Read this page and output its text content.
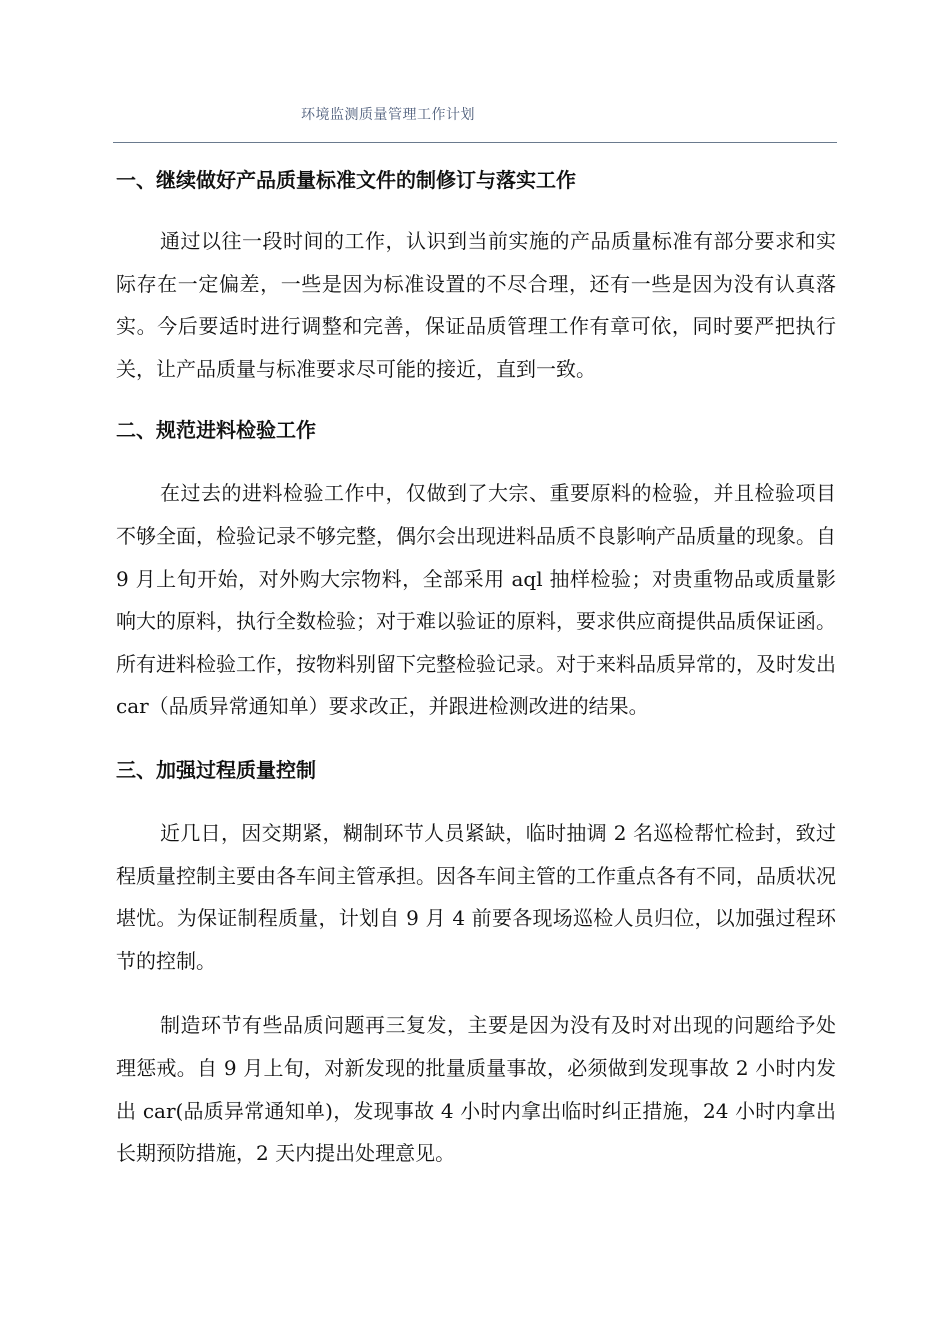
环境监测质量管理工作计划
一、继续做好产品质量标准文件的制修订与落实工作

通过以往一段时间的工作，认识到当前实施的产品质量标准有部分要求和实际存在一定偏差，一些是因为标准设置的不尽合理，还有一些是因为没有认真落实。今后要适时进行调整和完善，保证品质管理工作有章可依，同时要严把执行关，让产品质量与标准要求尽可能的接近，直到一致。

二、规范进料检验工作

在过去的进料检验工作中，仅做到了大宗、重要原料的检验，并且检验项目不够全面，检验记录不够完整，偶尔会出现进料品质不良影响产品质量的现象。自 9 月上旬开始，对外购大宗物料，全部采用 aql 抽样检验；对贵重物品或质量影响大的原料，执行全数检验；对于难以验证的原料，要求供应商提供品质保证函。所有进料检验工作，按物料别留下完整检验记录。对于来料品质异常的，及时发出 car（品质异常通知单）要求改正，并跟进检测改进的结果。

三、加强过程质量控制

近几日，因交期紧，糊制环节人员紧缺，临时抽调 2 名巡检帮忙检封，致过程质量控制主要由各车间主管承担。因各车间主管的工作重点各有不同，品质状况堪忧。为保证制程质量，计划自 9 月 4 前要各现场巡检人员归位，以加强过程环节的控制。

制造环节有些品质问题再三复发，主要是因为没有及时对出现的问题给予处理惩戒。自 9 月上旬，对新发现的批量质量事故，必须做到发现事故 2 小时内发出 car(品质异常通知单)，发现事故 4 小时内拿出临时纠正措施，24 小时内拿出长期预防措施，2 天内提出处理意见。
